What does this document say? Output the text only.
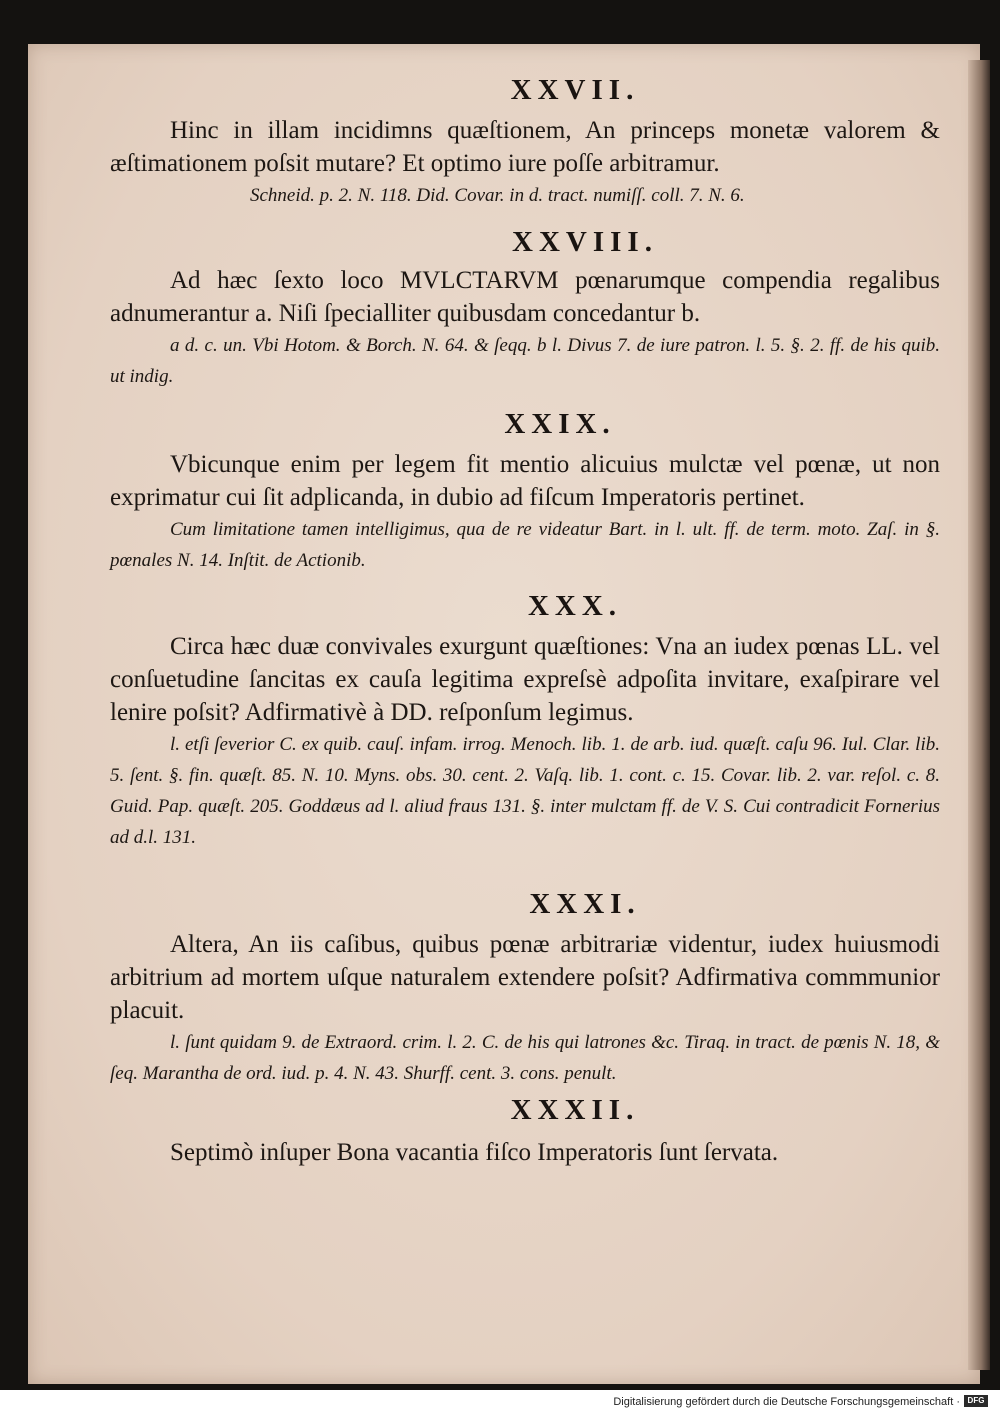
XXVII.

Hinc in illam incidimns quæſtionem, An princeps monetæ valorem & æſtimationem poſsit mutare? Et optimo iure poſſe arbitramur.

Schneid. p. 2. N. 118. Did. Covar. in d. tract. numiſſ. coll. 7. N. 6.

XXVIII.

Ad hæc ſexto loco MVLCTARVM pœnarumque compendia regalibus adnumerantur a. Niſi ſpecialliter quibusdam concedantur b.

a d. c. un. Vbi Hotom. & Borch. N. 64. & ſeqq. b l. Divus 7. de iure patron. l. 5. §. 2. ff. de his quib. ut indig.

XXIX.

Vbicunque enim per legem fit mentio alicuius mulctæ vel pœnæ, ut non exprimatur cui ſit adplicanda, in dubio ad fiſcum Imperatoris pertinet.

Cum limitatione tamen intelligimus, qua de re videatur Bart. in l. ult. ff. de term. moto. Zaſ. in §. pœnales N. 14. Inſtit. de Actionib.

XXX.

Circa hæc duæ convivales exurgunt quæſtiones: Vna an iudex pœnas LL. vel conſuetudine ſancitas ex cauſa legitima expreſsè adpoſita invitare, exaſpirare vel lenire poſsit? Adfirmativè à DD. reſponſum legimus.

l. etſi ſeverior C. ex quib. cauſ. infam. irrog. Menoch. lib. 1. de arb. iud. quæſt. caſu 96. Iul. Clar. lib. 5. ſent. §. fin. quæſt. 85. N. 10. Myns. obs. 30. cent. 2. Vaſq. lib. 1. cont. c. 15. Covar. lib. 2. var. reſol. c. 8. Guid. Pap. quæſt. 205. Goddæus ad l. aliud fraus 131. §. inter mulctam ff. de V. S. Cui contradicit Fornerius ad d.l. 131.

XXXI.

Altera, An iis caſibus, quibus pœnæ arbitrariæ videntur, iudex huiusmodi arbitrium ad mortem uſque naturalem extendere poſsit? Adfirmativa commmunior placuit.

l. ſunt quidam 9. de Extraord. crim. l. 2. C. de his qui latrones &c. Tiraq. in tract. de pœnis N. 18, & ſeq. Marantha de ord. iud. p. 4. N. 43. Shurff. cent. 3. cons. penult.

XXXII.

Septimò inſuper Bona vacantia fiſco Imperatoris ſunt ſervata.

Digitalisierung gefördert durch die Deutsche Forschungsgemeinschaft · DFG
